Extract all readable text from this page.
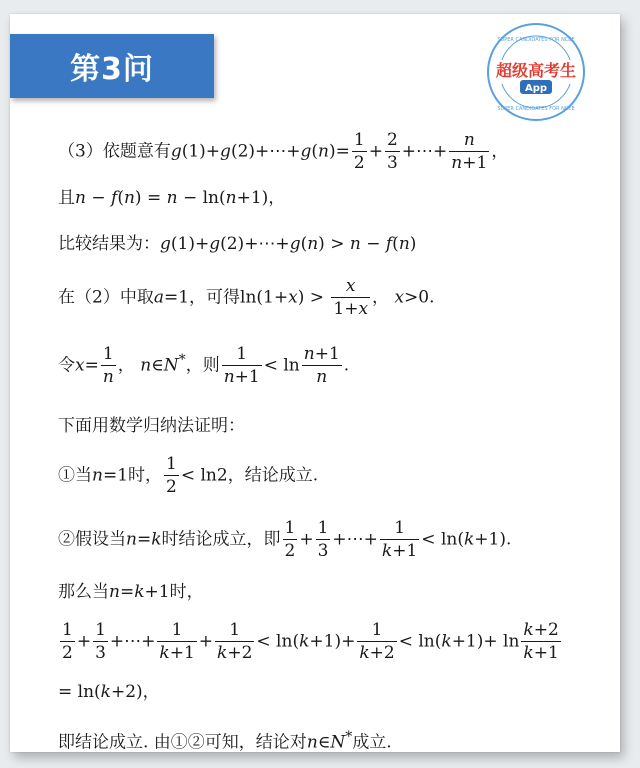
第3问	超级高考生
App
SUPER CANDIDATES FOR NCEE
SUPER CANDIDATES FOR NCEE
（3）依题意有g(1)+g(2)+⋯+g(n)= $\frac{1}{2} + \frac{2}{3}$ +⋯+ $\frac{n}{n+1}$ ，
且n − f(n) = n − ln(n+1)，
比较结果为：g(1)+g(2)+⋯+g(n) > n − f(n)
在（2）中取a=1，可得$\ln(1+x) > \frac{x}{1+x}$ ， x>0.
令$x= \frac{1}{n}$ ， n∈N*，则 $\frac{1}{n+1} < \ln \frac{n+1}{n}$ .
下面用数学归纳法证明：
①当n=1时， $\frac{1}{2} < \ln 2$，结论成立.
②假设当n=k时结论成立，即 $\frac{1}{2} + \frac{1}{3}$ +⋯+ $\frac{1}{k+1} < \ln(k+1)$.
那么当n=k+1时，
$\frac{1}{2} + \frac{1}{3}$ +⋯+ $\frac{1}{k+1} + \frac{1}{k+2} < \ln(k+1)+ \frac{1}{k+2} < \ln(k+1)+ \ln \frac{k+2}{k+1}$
= ln(k+2)，
即结论成立. 由①②可知，结论对n∈N*成立.
